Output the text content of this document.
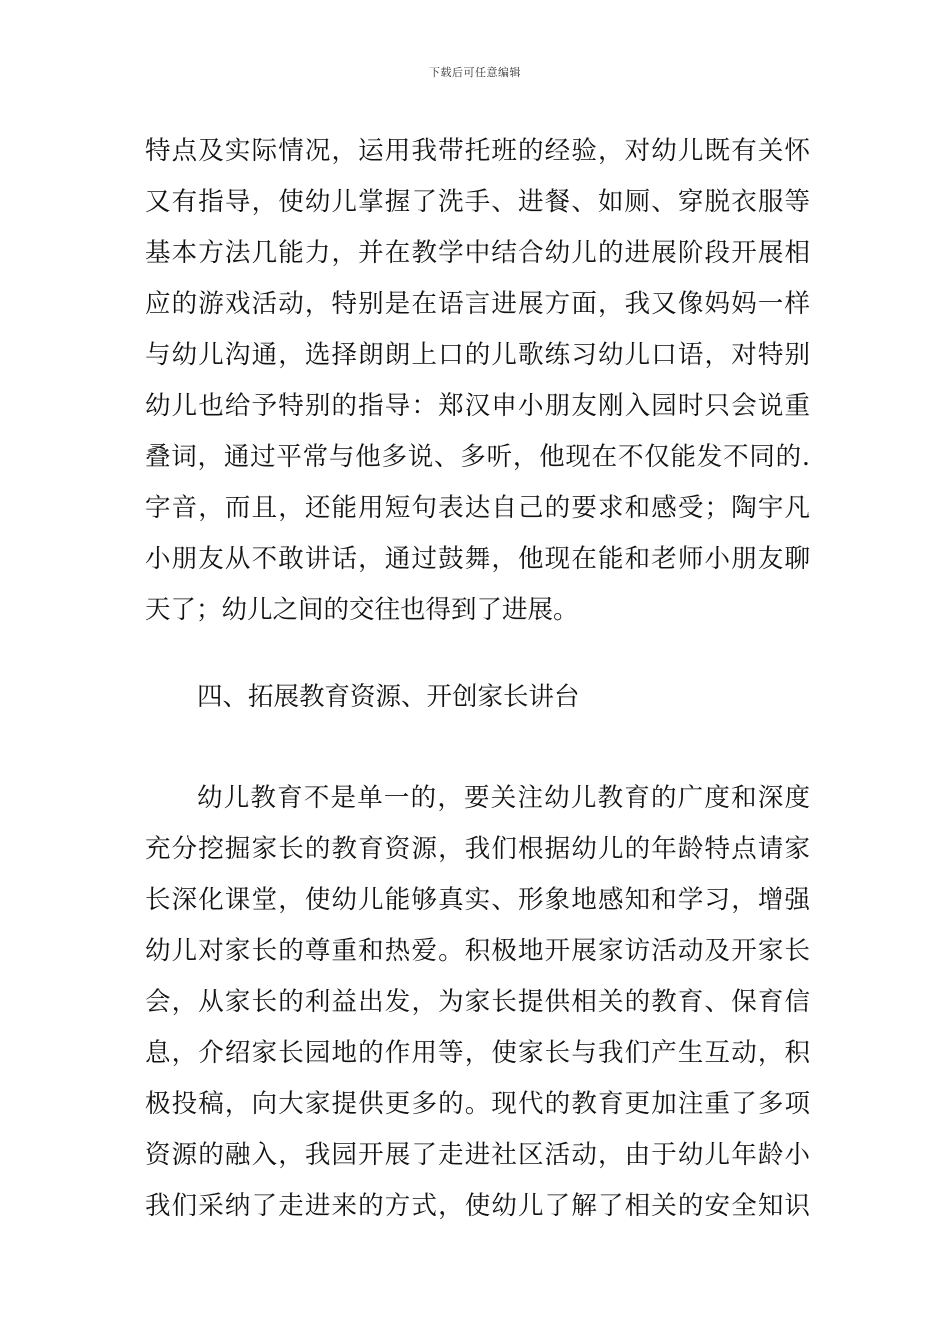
下载后可任意编辑
特点及实际情况，运用我带托班的经验，对幼儿既有关怀
又有指导，使幼儿掌握了洗手、进餐、如厕、穿脱衣服等
基本方法几能力，并在教学中结合幼儿的进展阶段开展相
应的游戏活动，特别是在语言进展方面，我又像妈妈一样
与幼儿沟通，选择朗朗上口的儿歌练习幼儿口语，对特别
幼儿也给予特别的指导：郑汉申小朋友刚入园时只会说重
叠词，通过平常与他多说、多听，他现在不仅能发不同的.
字音，而且，还能用短句表达自己的要求和感受；陶宇凡
小朋友从不敢讲话，通过鼓舞，他现在能和老师小朋友聊
天了；幼儿之间的交往也得到了进展。
四、拓展教育资源、开创家长讲台
幼儿教育不是单一的，要关注幼儿教育的广度和深度
充分挖掘家长的教育资源，我们根据幼儿的年龄特点请家
长深化课堂，使幼儿能够真实、形象地感知和学习，增强
幼儿对家长的尊重和热爱。积极地开展家访活动及开家长
会，从家长的利益出发，为家长提供相关的教育、保育信
息，介绍家长园地的作用等，使家长与我们产生互动，积
极投稿，向大家提供更多的。现代的教育更加注重了多项
资源的融入，我园开展了走进社区活动，由于幼儿年龄小
我们采纳了走进来的方式，使幼儿了解了相关的安全知识
